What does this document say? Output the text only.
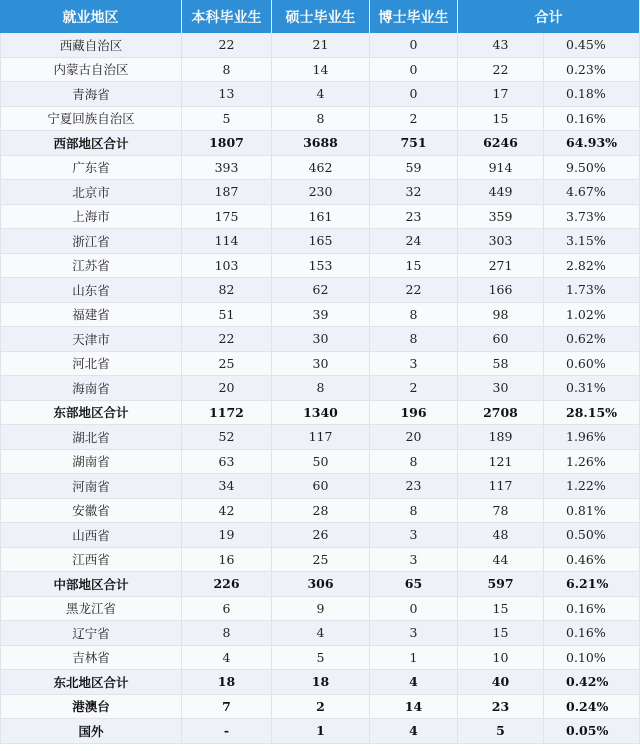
就业地区	本科毕业生	硕士毕业生	博士毕业生	合计	
西藏自治区	22	21	0	43	0.45%
内蒙古自治区	8	14	0	22	0.23%
青海省	13	4	0	17	0.18%
宁夏回族自治区	5	8	2	15	0.16%
西部地区合计	1807	3688	751	6246	64.93%
广东省	393	462	59	914	9.50%
北京市	187	230	32	449	4.67%
上海市	175	161	23	359	3.73%
浙江省	114	165	24	303	3.15%
江苏省	103	153	15	271	2.82%
山东省	82	62	22	166	1.73%
福建省	51	39	8	98	1.02%
天津市	22	30	8	60	0.62%
河北省	25	30	3	58	0.60%
海南省	20	8	2	30	0.31%
东部地区合计	1172	1340	196	2708	28.15%
湖北省	52	117	20	189	1.96%
湖南省	63	50	8	121	1.26%
河南省	34	60	23	117	1.22%
安徽省	42	28	8	78	0.81%
山西省	19	26	3	48	0.50%
江西省	16	25	3	44	0.46%
中部地区合计	226	306	65	597	6.21%
黑龙江省	6	9	0	15	0.16%
辽宁省	8	4	3	15	0.16%
吉林省	4	5	1	10	0.10%
东北地区合计	18	18	4	40	0.42%
港澳台	7	2	14	23	0.24%
国外	-	1	4	5	0.05%
